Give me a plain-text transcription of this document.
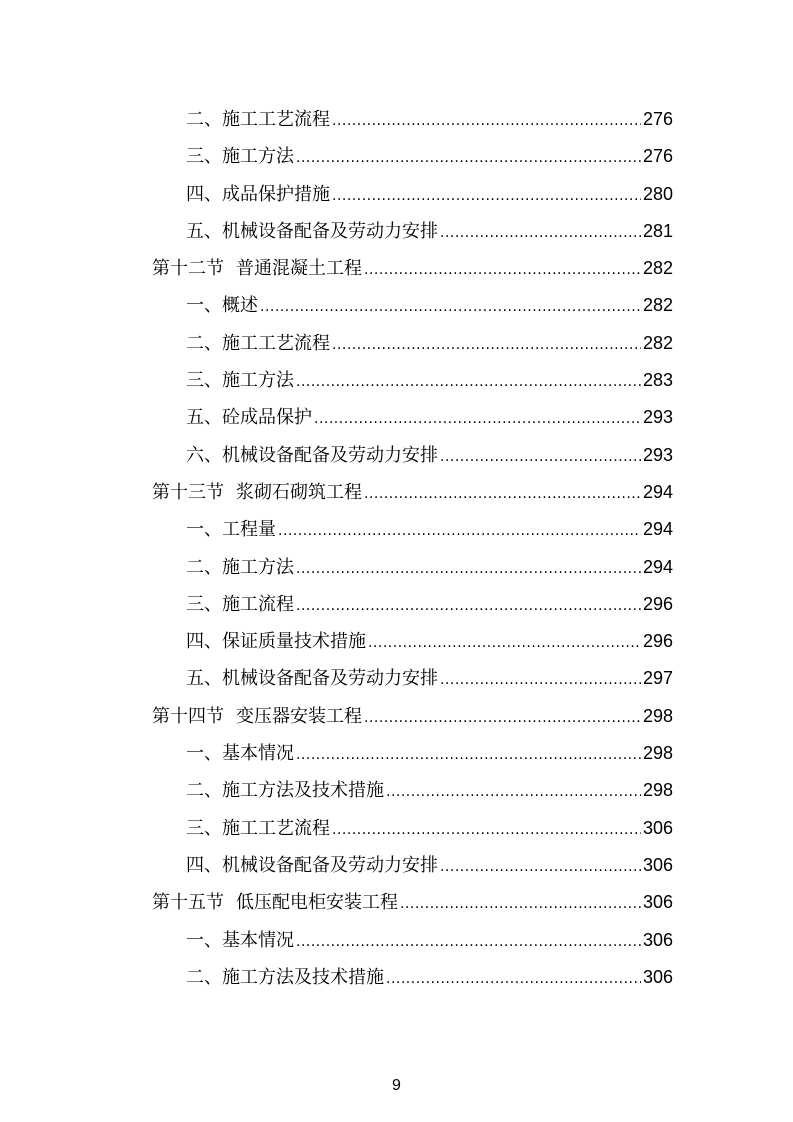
二、施工工艺流程 .....	276
三、施工方法 .....	276
四、成品保护措施 .....	280
五、机械设备配备及劳动力安排 .....	281
第十二节 普通混凝土工程 .....	282
一、概述 .....	282
二、施工工艺流程 .....	282
三、施工方法 .....	283
五、砼成品保护 .....	293
六、机械设备配备及劳动力安排 .....	293
第十三节 浆砌石砌筑工程 .....	294
一、工程量 .....	294
二、施工方法 .....	294
三、施工流程 .....	296
四、保证质量技术措施 .....	296
五、机械设备配备及劳动力安排 .....	297
第十四节 变压器安装工程 .....	298
一、基本情况 .....	298
二、施工方法及技术措施 .....	298
三、施工工艺流程 .....	306
四、机械设备配备及劳动力安排 .....	306
第十五节 低压配电柜安装工程 .....	306
一、基本情况 .....	306
二、施工方法及技术措施 .....	306
9
